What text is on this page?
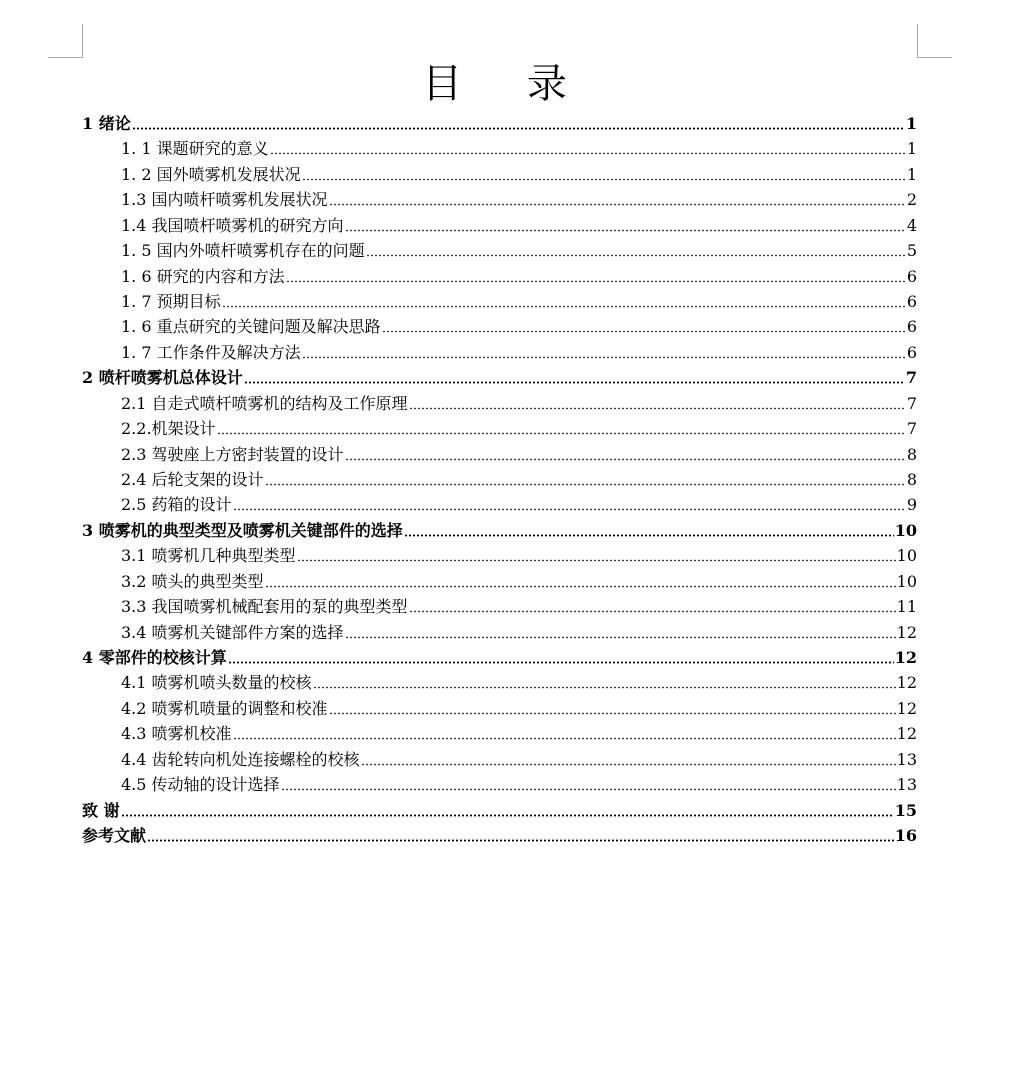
目 录
1 绪论	1
1. 1 课题研究的意义	1
1. 2 国外喷雾机发展状况	1
1.3 国内喷杆喷雾机发展状况	2
1.4 我国喷杆喷雾机的研究方向	4
1. 5 国内外喷杆喷雾机存在的问题	5
1. 6 研究的内容和方法	6
1. 7 预期目标	6
1. 6 重点研究的关键问题及解决思路	6
1. 7 工作条件及解决方法	6
2 喷杆喷雾机总体设计	7
2.1 自走式喷杆喷雾机的结构及工作原理	7
2.2.机架设计	7
2.3 驾驶座上方密封装置的设计	8
2.4 后轮支架的设计	8
2.5 药箱的设计	9
3 喷雾机的典型类型及喷雾机关键部件的选择	10
3.1 喷雾机几种典型类型	10
3.2 喷头的典型类型	10
3.3 我国喷雾机械配套用的泵的典型类型	11
3.4 喷雾机关键部件方案的选择	12
4 零部件的校核计算	12
4.1 喷雾机喷头数量的校核	12
4.2 喷雾机喷量的调整和校准	12
4.3 喷雾机校准	12
4.4 齿轮转向机处连接螺栓的校核	13
4.5 传动轴的设计选择	13
致 谢	15
参考文献	16
